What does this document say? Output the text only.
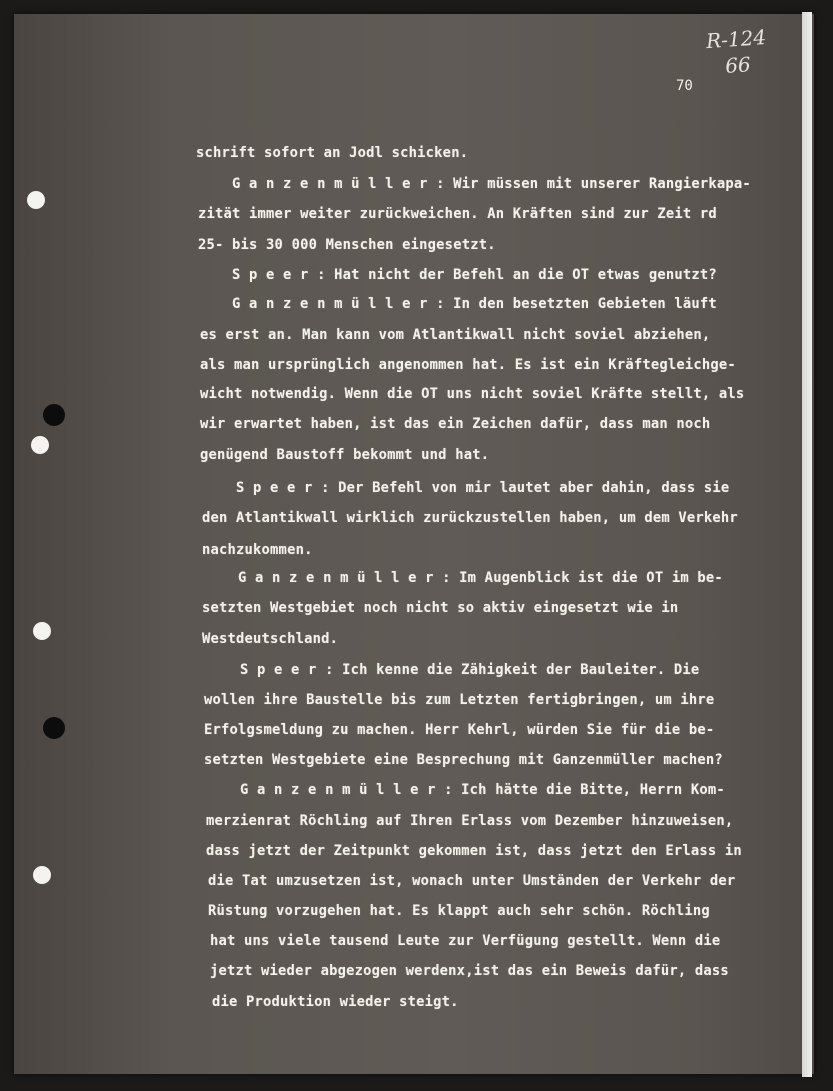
R-124
66
70
schrift sofort an Jodl schicken.
G a n z e n m ü l l e r : Wir müssen mit unserer Rangierkapa-
zität immer weiter zurückweichen. An Kräften sind zur Zeit rd
25- bis 30 000 Menschen eingesetzt.
S p e e r : Hat nicht der Befehl an die OT etwas genutzt?
G a n z e n m ü l l e r : In den besetzten Gebieten läuft
es erst an. Man kann vom Atlantikwall nicht soviel abziehen,
als man ursprünglich angenommen hat. Es ist ein Kräftegleichge-
wicht notwendig. Wenn die OT uns nicht soviel Kräfte stellt, als
wir erwartet haben, ist das ein Zeichen dafür, dass man noch
genügend Baustoff bekommt und hat.
S p e e r : Der Befehl von mir lautet aber dahin, dass sie
den Atlantikwall wirklich zurückzustellen haben, um dem Verkehr
nachzukommen.
G a n z e n m ü l l e r : Im Augenblick ist die OT im be-
setzten Westgebiet noch nicht so aktiv eingesetzt wie in
Westdeutschland.
S p e e r : Ich kenne die Zähigkeit der Bauleiter. Die
wollen ihre Baustelle bis zum Letzten fertigbringen, um ihre
Erfolgsmeldung zu machen. Herr Kehrl, würden Sie für die be-
setzten Westgebiete eine Besprechung mit Ganzenmüller machen?
G a n z e n m ü l l e r : Ich hätte die Bitte, Herrn Kom-
merzienrat Röchling auf Ihren Erlass vom Dezember hinzuweisen,
dass jetzt der Zeitpunkt gekommen ist, dass jetzt den Erlass in
die Tat umzusetzen ist, wonach unter Umständen der Verkehr der
Rüstung vorzugehen hat. Es klappt auch sehr schön. Röchling
hat uns viele tausend Leute zur Verfügung gestellt. Wenn die
jetzt wieder abgezogen werdenx,ist das ein Beweis dafür, dass
die Produktion wieder steigt.
